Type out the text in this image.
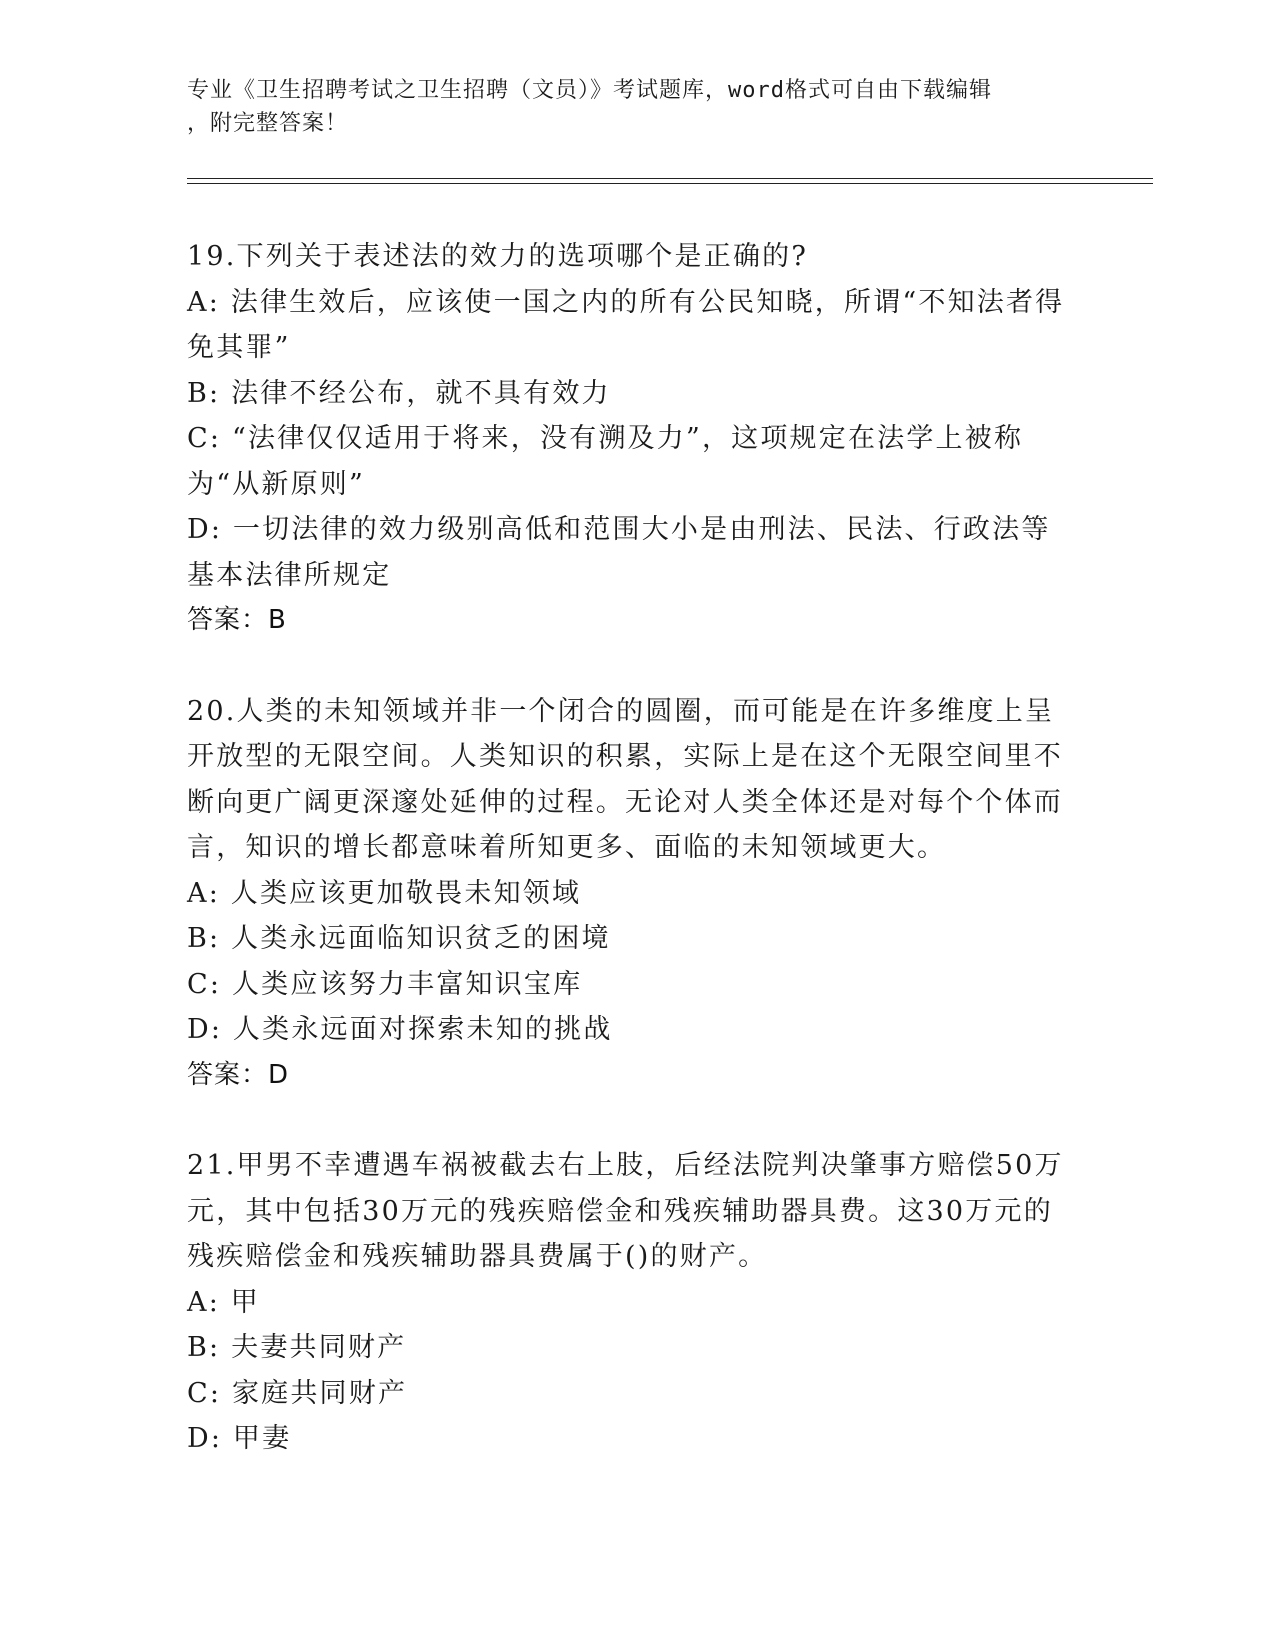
专业《卫生招聘考试之卫生招聘（文员）》考试题库，word格式可自由下载编辑

，附完整答案！

19.下列关于表述法的效力的选项哪个是正确的?

A: 法律生效后，应该使一国之内的所有公民知晓，所谓“不知法者得免其罪”

B: 法律不经公布，就不具有效力

C: “法律仅仅适用于将来，没有溯及力”，这项规定在法学上被称为“从新原则”

D: 一切法律的效力级别高低和范围大小是由刑法、民法、行政法等基本法律所规定

答案：B

20.人类的未知领域并非一个闭合的圆圈，而可能是在许多维度上呈开放型的无限空间。人类知识的积累，实际上是在这个无限空间里不断向更广阔更深邃处延伸的过程。无论对人类全体还是对每个个体而言，知识的增长都意味着所知更多、面临的未知领域更大。

A: 人类应该更加敬畏未知领域

B: 人类永远面临知识贫乏的困境

C: 人类应该努力丰富知识宝库

D: 人类永远面对探索未知的挑战

答案：D

21.甲男不幸遭遇车祸被截去右上肢，后经法院判决肇事方赔偿50万元，其中包括30万元的残疾赔偿金和残疾辅助器具费。这30万元的残疾赔偿金和残疾辅助器具费属于()的财产。

A: 甲

B: 夫妻共同财产

C: 家庭共同财产

D: 甲妻
